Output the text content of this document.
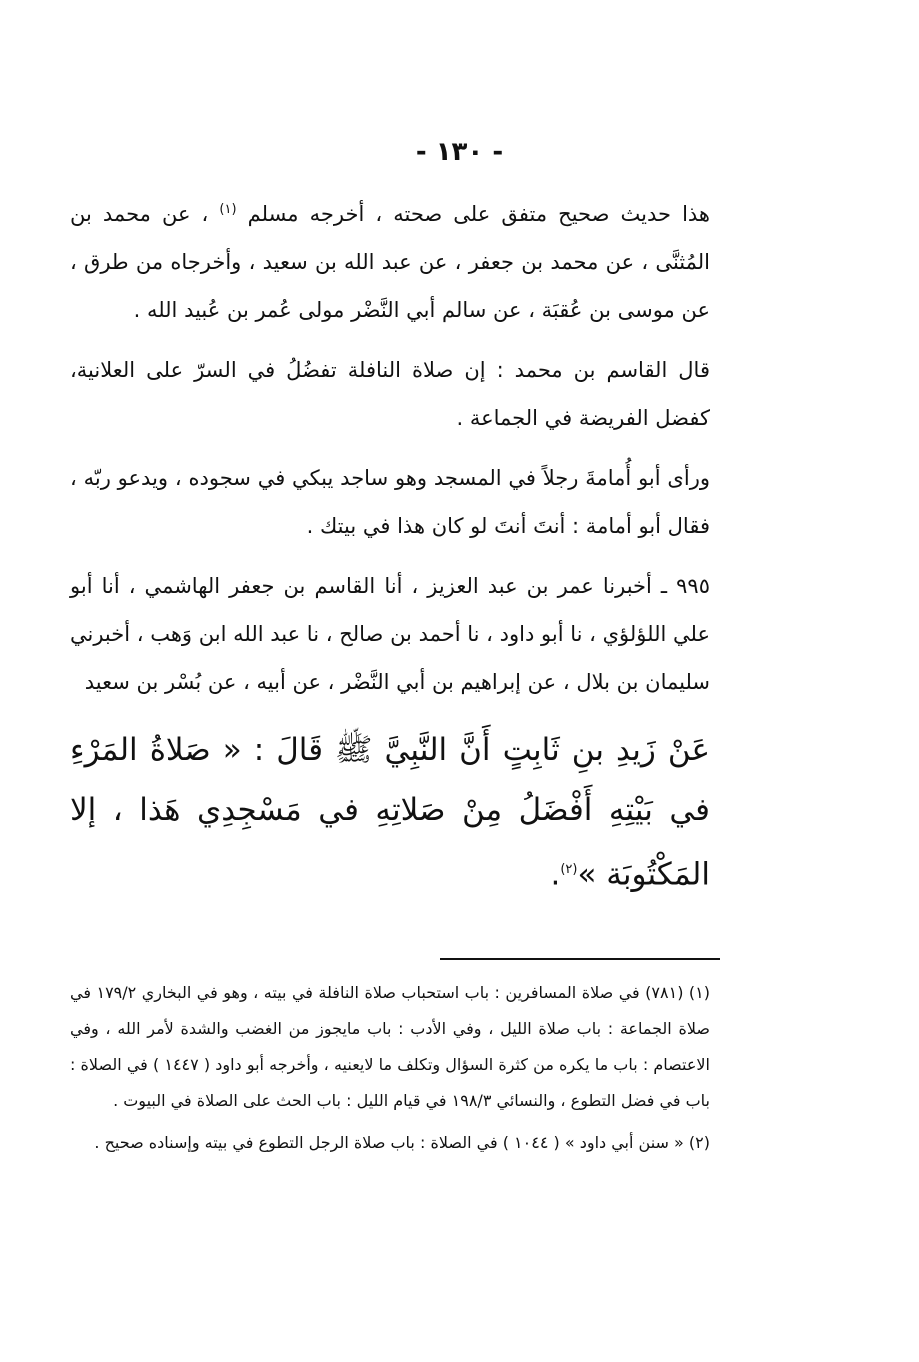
- ١٣٠ -

هذا حديث صحيح متفق على صحته ، أخرجه مسلم $^{(١)}$ ، عن محمد بن المُثنَّى ، عن محمد بن جعفر ، عن عبد الله بن سعيد ، وأخرجاه من طرق ، عن موسى بن عُقبَة ، عن سالم أبي النَّضْر مولى عُمر بن عُبيد الله .

قال القاسم بن محمد : إن صلاة النافلة تفضُلُ في السرّ على العلانية، كفضل الفريضة في الجماعة .

ورأى أبو أُمامةَ رجلاً في المسجد وهو ساجد يبكي في سجوده ، ويدعو ربّه ، فقال أبو أمامة : أنتَ أنتَ لو كان هذا في بيتك .

٩٩٥ ـ أخبرنا عمر بن عبد العزيز ، أنا القاسم بن جعفر الهاشمي ، أنا أبو علي اللؤلؤي ، نا أبو داود ، نا أحمد بن صالح ، نا عبد الله ابن وَهب ، أخبرني سليمان بن بلال ، عن إبراهيم بن أبي النَّضْر ، عن أبيه ، عن بُسْر بن سعيد

عَنْ زَيدِ بنِ ثَابِتٍ أَنَّ النَّبِيَّ ﷺ قَالَ : « صَلاةُ المَرْءِ في بَيْتِهِ أَفْضَلُ مِنْ صَلاتِهِ في مَسْجِدِي هَذا ، إلا المَكْتُوبَة »$^{(٢)}$.

(١) (٧٨١) في صلاة المسافرين : باب استحباب صلاة النافلة في بيته ، وهو في البخاري ١٧٩/٢ في صلاة الجماعة : باب صلاة الليل ، وفي الأدب : باب مايجوز من الغضب والشدة لأمر الله ، وفي الاعتصام : باب ما يكره من كثرة السؤال وتكلف ما لايعنيه ، وأخرجه أبو داود ( ١٤٤٧ ) في الصلاة : باب في فضل التطوع ، والنسائي ١٩٨/٣ في قيام الليل : باب الحث على الصلاة في البيوت .

(٢) « سنن أبي داود » ( ١٠٤٤ ) في الصلاة : باب صلاة الرجل التطوع في بيته وإسناده صحيح .
